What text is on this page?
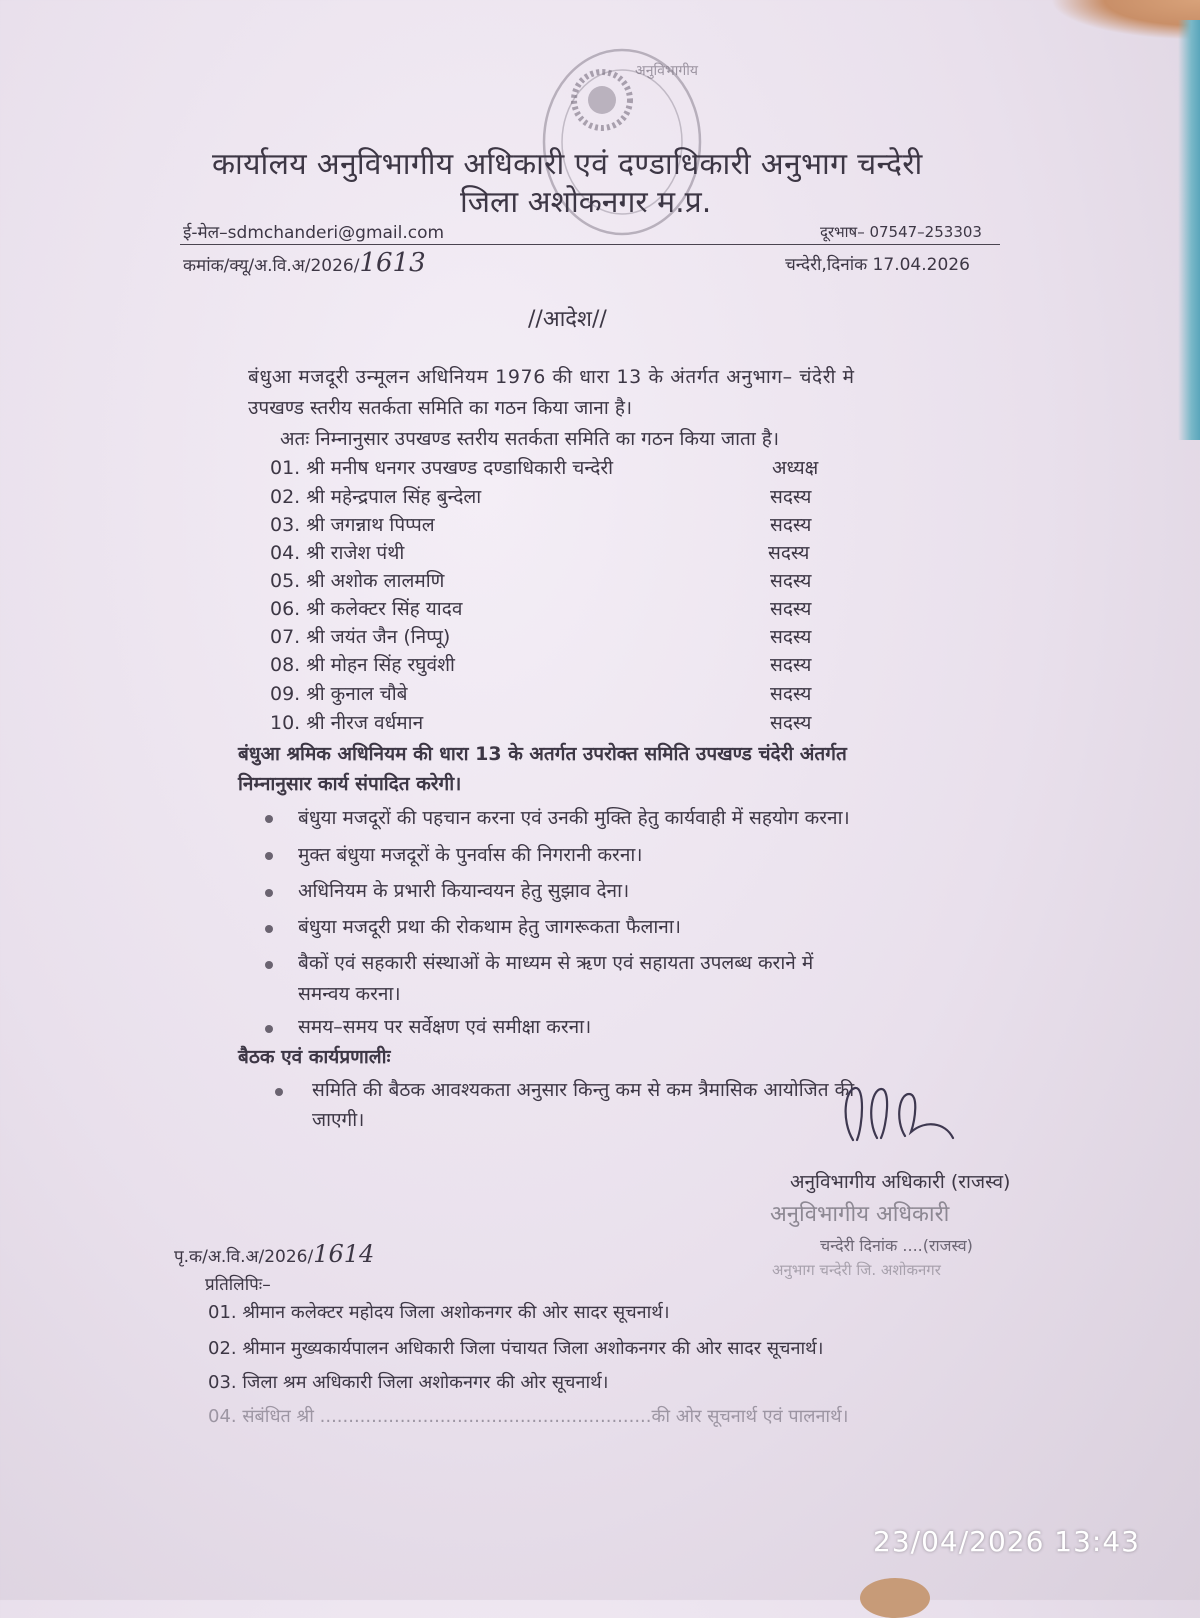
अनुविभागीय
कार्यालय अनुविभागीय अधिकारी एवं दण्डाधिकारी अनुभाग चन्देरी
जिला अशोकनगर म.प्र.
ई-मेल–sdmchanderi@gmail.com	दूरभाष– 07547–253303
कमांक/क्यू/अ.वि.अ/2026/1613	चन्देरी,दिनांक 17.04.2026
//आदेश//
बंधुआ मजदूरी उन्मूलन अधिनियम 1976 की धारा 13 के अंतर्गत अनुभाग– चंदेरी मे
उपखण्ड स्तरीय सतर्कता समिति का गठन किया जाना है।
अतः निम्नानुसार उपखण्ड स्तरीय सतर्कता समिति का गठन किया जाता है।
01. श्री मनीष धनगर उपखण्ड दण्डाधिकारी चन्देरी	अध्यक्ष
02. श्री महेन्द्रपाल सिंह बुन्देला	सदस्य
03. श्री जगन्नाथ पिप्पल	सदस्य
04. श्री राजेश पंथी	सदस्य
05. श्री अशोक लालमणि	सदस्य
06. श्री कलेक्टर सिंह यादव	सदस्य
07. श्री जयंत जैन (निप्पू)	सदस्य
08. श्री मोहन सिंह रघुवंशी	सदस्य
09. श्री कुनाल चौबे	सदस्य
10. श्री नीरज वर्धमान	सदस्य
बंधुआ श्रमिक अधिनियम की धारा 13 के अतर्गत उपरोक्त समिति उपखण्ड चंदेरी अंतर्गत
निम्नानुसार कार्य संपादित करेगी।
बंधुया मजदूरों की पहचान करना एवं उनकी मुक्ति हेतु कार्यवाही में सहयोग करना।
मुक्त बंधुया मजदूरों के पुनर्वास की निगरानी करना।
अधिनियम के प्रभारी कियान्वयन हेतु सुझाव देना।
बंधुया मजदूरी प्रथा की रोकथाम हेतु जागरूकता फैलाना।
बैकों एवं सहकारी संस्थाओं के माध्यम से ऋण एवं सहायता उपलब्ध कराने में
समन्वय करना।
समय–समय पर सर्वेक्षण एवं समीक्षा करना।
बैठक एवं कार्यप्रणालीः
समिति की बैठक आवश्यकता अनुसार किन्तु कम से कम त्रैमासिक आयोजित की
जाएगी।
अनुविभागीय अधिकारी (राजस्व)
अनुविभागीय अधिकारी
चन्देरी दिनांक ....(राजस्व)
अनुभाग चन्देरी जि. अशोकनगर
पृ.क/अ.वि.अ/2026/1614
प्रतिलिपिः–
01. श्रीमान कलेक्टर महोदय जिला अशोकनगर की ओर सादर सूचनार्थ।
02. श्रीमान मुख्यकार्यपालन अधिकारी जिला पंचायत जिला अशोकनगर की ओर सादर सूचनार्थ।
03. जिला श्रम अधिकारी जिला अशोकनगर की ओर सूचनार्थ।
04. संबंधित श्री ..........................................................की ओर सूचनार्थ एवं पालनार्थ।
23/04/2026 13:43
